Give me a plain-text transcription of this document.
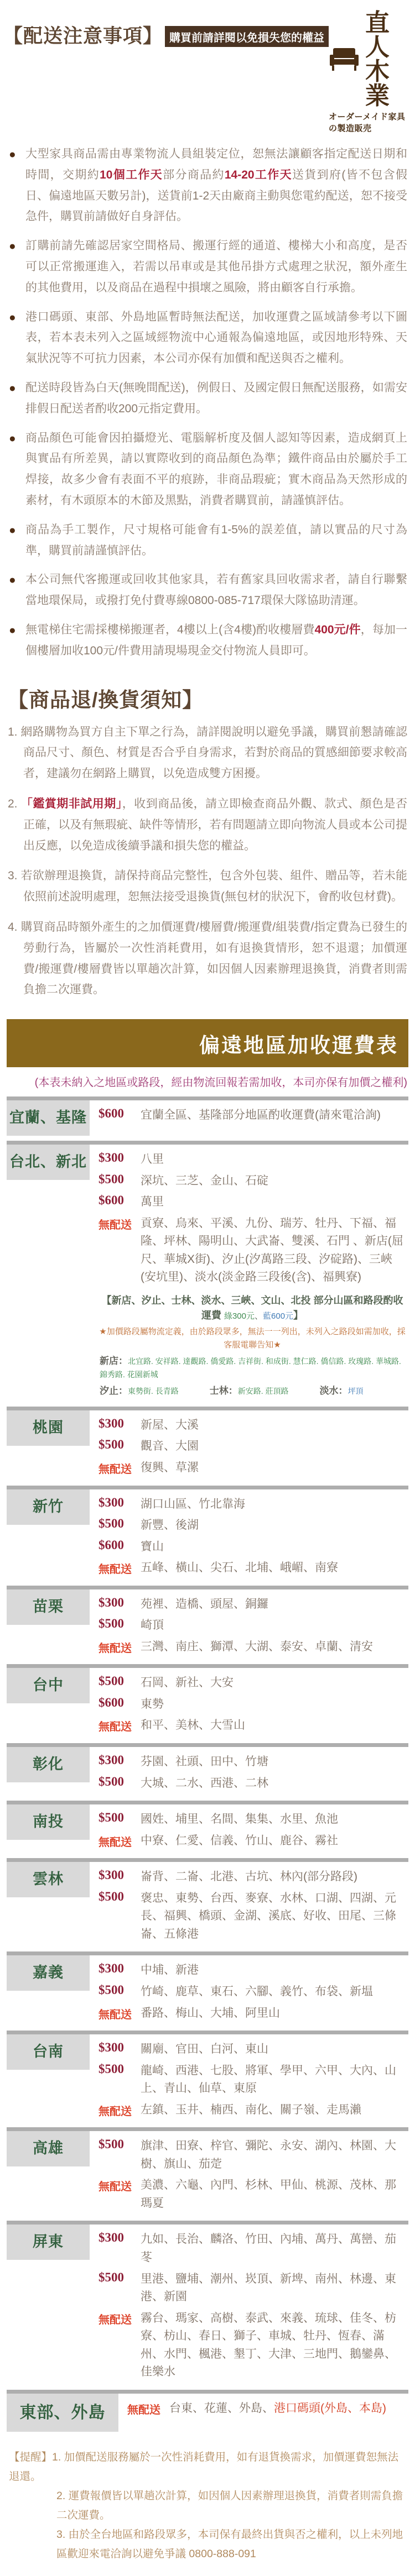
【配送注意事項】 購買前請詳閱以免損失您的權益
直人木業
オーダーメイド家具の製造販売
● 大型家具商品需由專業物流人員組裝定位，恕無法讓顧客指定配送日期和時間，交期約10個工作天部分商品約14-20工作天送貨到府(皆不包含假日、偏遠地區天數另計)，送貨前1-2天由廠商主動與您電約配送，恕不接受急件，購買前請做好自身評估。
● 訂購前請先確認居家空間格局、搬運行經的通道、樓梯大小和高度，是否可以正常搬運進入，若需以吊車或是其他吊掛方式處理之狀況，額外產生的其他費用，以及商品在過程中損壞之風險，將由顧客自行承擔。
● 港口碼頭、東部、外島地區暫時無法配送，加收運費之區域請參考以下圖表，若本表未列入之區域經物流中心通報為偏遠地區，或因地形特殊、天氣狀況等不可抗力因素，本公司亦保有加價和配送與否之權利。
● 配送時段皆為白天(無晚間配送)，例假日、及國定假日無配送服務，如需安排假日配送者酌收200元指定費用。
● 商品顏色可能會因拍攝燈光、電腦解析度及個人認知等因素，造成網頁上與實品有所差異，請以實際收到的商品顏色為準；鐵件商品由於屬於手工焊接，故多少會有表面不平的痕跡，非商品瑕疵；實木商品為天然形成的素材，有木頭原本的木節及黑點，消費者購買前，請謹慎評估。
● 商品為手工製作，尺寸規格可能會有1-5%的誤差值，請以實品的尺寸為準，購買前請謹慎評估。
● 本公司無代客搬運或回收其他家具，若有舊家具回收需求者，請自行聯繫當地環保局，或撥打免付費專線0800-085-717環保大隊協助清運。
● 無電梯住宅需採樓梯搬運者，4樓以上(含4樓)酌收樓層費400元/件，每加一個樓層加收100元/件費用請現場現金交付物流人員即可。
【商品退/換貨須知】
1. 網路購物為買方自主下單之行為，請詳閱說明以避免爭議，購買前懇請確認商品尺寸、顏色、材質是否合乎自身需求，若對於商品的質感細節要求較高者，建議勿在網路上購買，以免造成雙方困擾。
2. 「鑑賞期非試用期」，收到商品後，請立即檢查商品外觀、款式、顏色是否正確，以及有無瑕疵、缺件等情形，若有問題請立即向物流人員或本公司提出反應，以免造成後續爭議和損失您的權益。
3. 若欲辦理退換貨，請保持商品完整性，包含外包裝、組件、贈品等，若未能依照前述說明處理，恕無法接受退換貨(無包材的狀況下，會酌收包材費)。
4. 購買商品時額外產生的之加價運費/樓層費/搬運費/組裝費/指定費為已發生的勞動行為，皆屬於一次性消耗費用，如有退換貨情形，恕不退還；加價運費/搬運費/樓層費皆以單趟次計算，如因個人因素辦理退換貨，消費者則需負擔二次運費。
偏遠地區加收運費表
(本表未納入之地區或路段，經由物流回報若需加收，本司亦保有加價之權利)
宜蘭、基隆 $600	宜蘭全區、基隆部分地區酌收運費(請來電洽詢)
台北、新北 $300	八里
$500	深坑、三芝、金山、石碇
$600	萬里
無配送 貢寮、烏來、平溪、九份、瑞芳、牡丹、下福、福隆、坪林、陽明山、大武崙、雙溪、石門 、新店(屈尺、華城X街)、汐止(汐萬路三段、汐碇路)、三峽(安坑里)、淡水(淡金路三段後(含)、福興寮)
【新店、汐止、士林、淡水、三峽、文山、北投 部分山區和路段酌收運費 綠300元、藍600元】
★加價路段屬物流定義，由於路段眾多，無法一一列出，未列入之路段如需加收，採客服電聯告知★
新店：北宜路. 安祥路. 達觀路. 僑愛路. 吉祥街. 和成街. 慧仁路. 僑信路. 玫瑰路. 華城路. 錦秀路. 花園新城
汐止：東勢街. 長青路　　　　	士林：新安路. 莊頂路　　　　	淡水：坪頂
桃園	$300	新屋、大溪
$500	觀音、大園
無配送 復興、草漯
新竹	$300	湖口山區、竹北靠海
$500	新豐、後湖
$600	寶山
無配送 五峰、橫山、尖石、北埔、峨嵋、南寮
苗栗	$300	苑裡、造橋、頭屋、銅鑼
$500	崎頂
無配送 三灣、南庄、獅潭、大湖、泰安、卓蘭、清安
台中	$500	石岡、新社、大安
$600	東勢
無配送 和平、美林、大雪山
彰化	$300	芬園、社頭、田中、竹塘
$500	大城、二水、西港、二林
南投	$500	國姓、埔里、名間、集集、水里、魚池
無配送 中寮、仁愛、信義、竹山、鹿谷、霧社
雲林	$300	崙背、二崙、北港、古坑、林內(部分路段)
$500	褒忠、東勢、台西、麥寮、水林、口湖、四湖、元長、福興、橋頭、金湖、溪底、好收、田尾、三條崙、五條港
嘉義	$300	中埔、新港
$500	竹崎、鹿草、東石、六腳、義竹、布袋、新塭
無配送 番路、梅山、大埔、阿里山
台南	$300	關廟、官田、白河、東山
$500	龍崎、西港、七股、將軍、學甲、六甲、大內、山上、青山、仙草、東原
無配送 左鎮、玉井、楠西、南化、關子嶺、走馬瀨
高雄	$500	旗津、田寮、梓官、彌陀、永安、湖內、林園、大樹、旗山、茄萣
無配送 美濃、六龜、內門、杉林、甲仙、桃源、茂林、那瑪夏
屏東	$300	九如、長治、麟洛、竹田、內埔、萬丹、萬巒、茄苳
$500	里港、鹽埔、潮州、崁頂、新埤、南州、林邊、東港、新園
無配送 霧台、瑪家、高樹、泰武、來義、琉球、佳冬、枋寮、枋山、春日、獅子、車城、牡丹、恆春、滿州、水門、楓港、墾丁、大津、三地門、鵝鑾鼻、佳樂水
東部、外島	無配送 台東、花蓮、外島、港口碼頭(外島、本島)
【提醒】1. 加價配送服務屬於一次性消耗費用，如有退貨換需求，加價運費恕無法退還。
2. 運費報價皆以單趟次計算，如因個人因素辦理退換貨，消費者則需負擔二次運費。
3. 由於全台地區和路段眾多，本司保有最終出貨與否之權利，以上未列地區歡迎來電洽詢以避免爭議 0800-888-091
